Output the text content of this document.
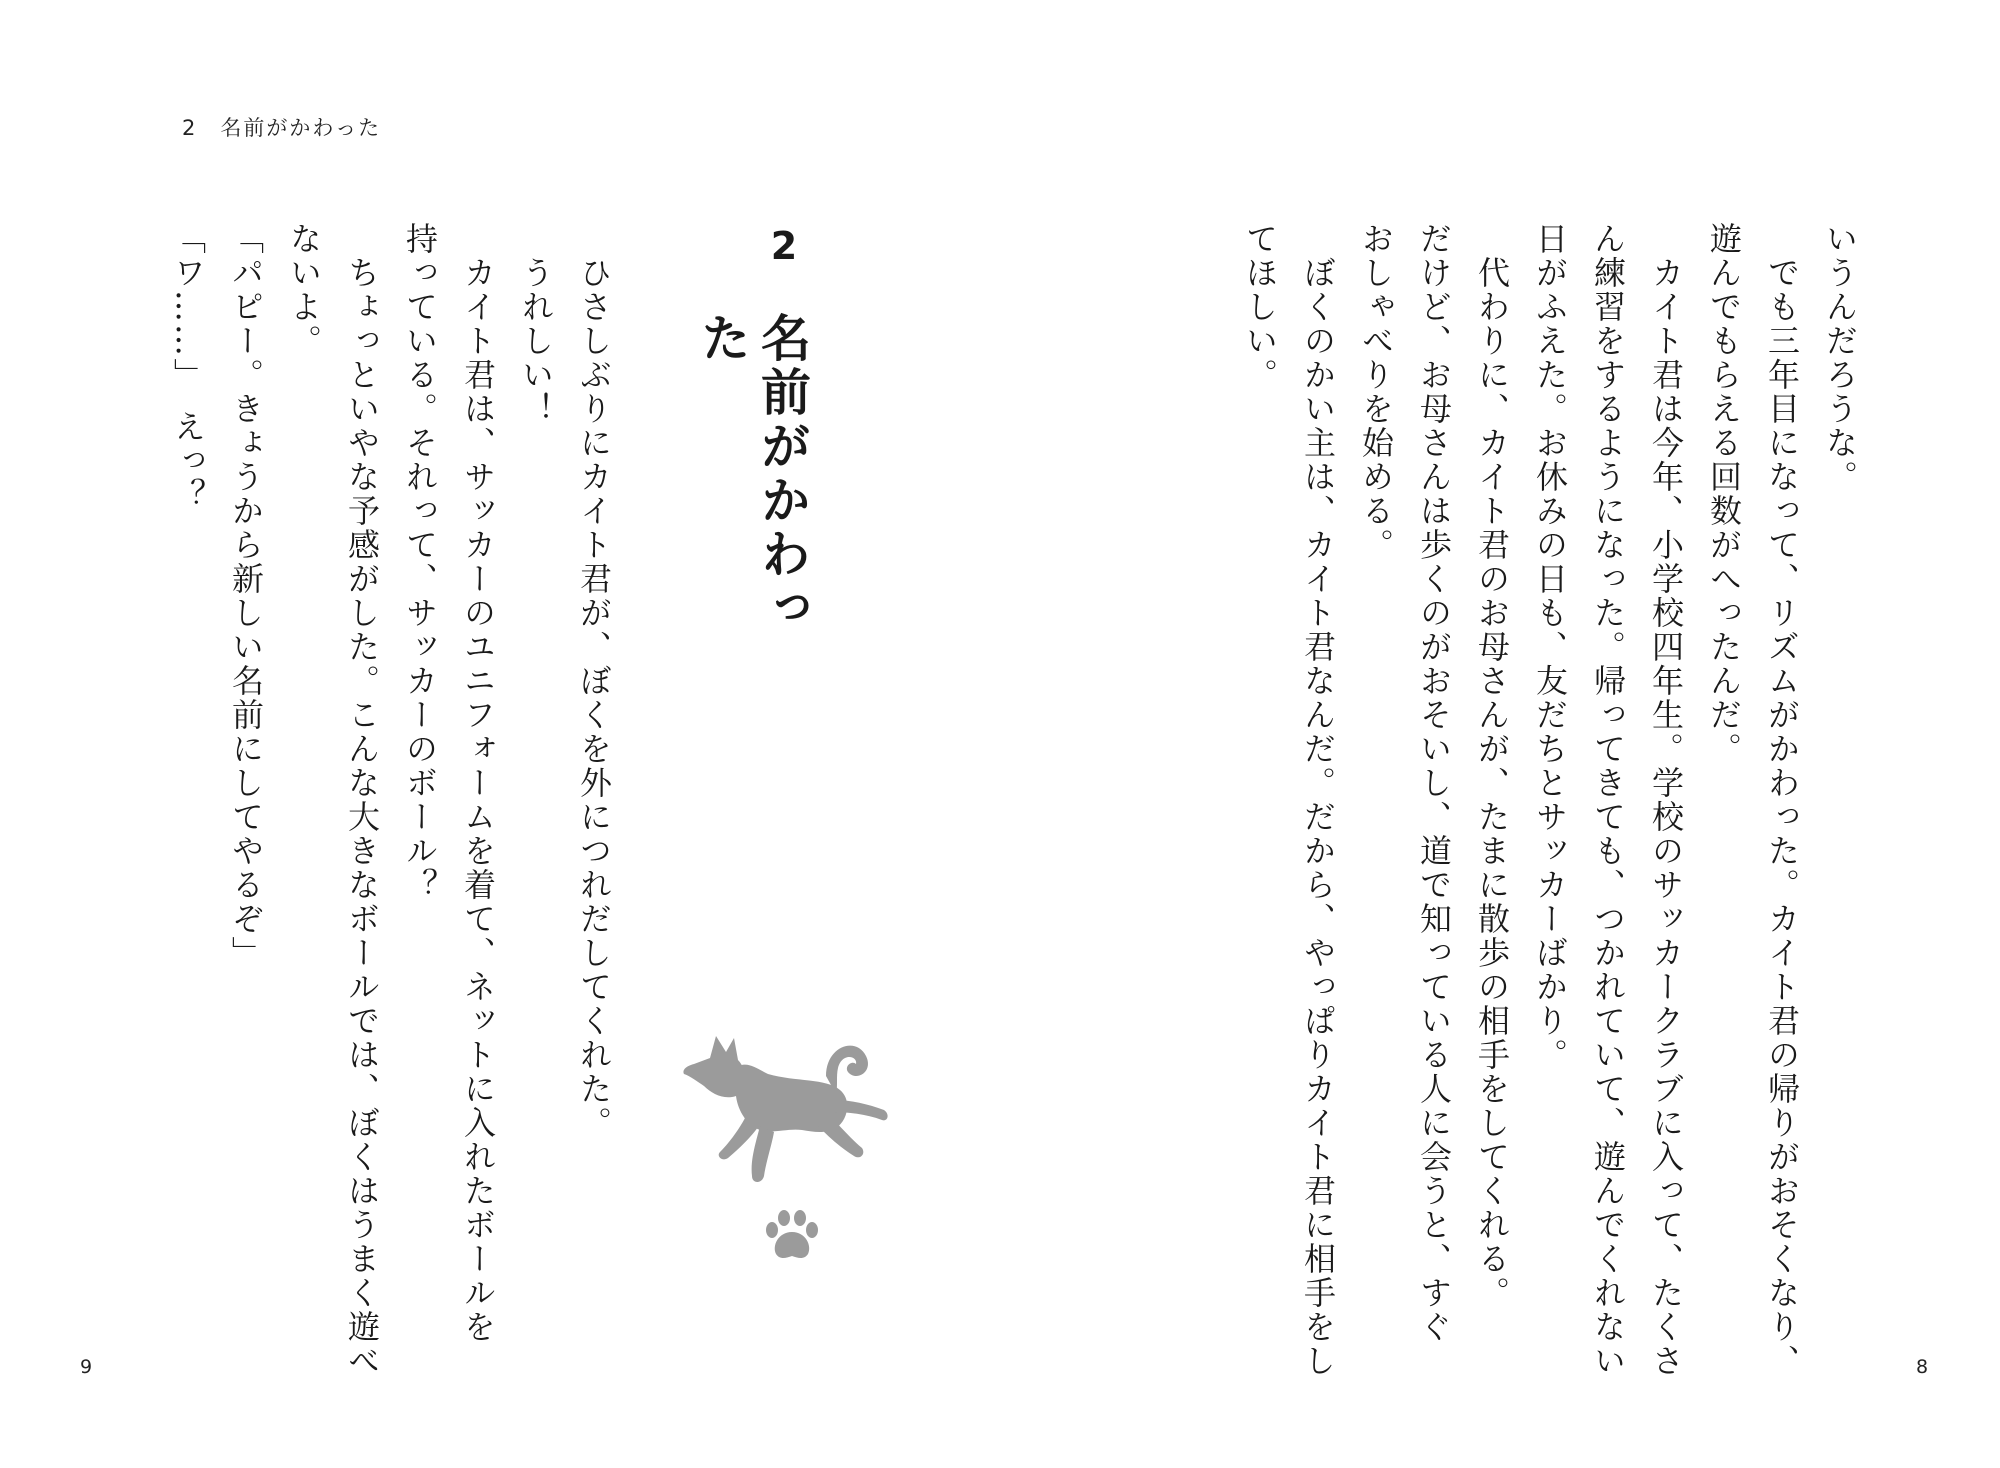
2　名前がかわった
いうんだろうな。
　でも三年目になって、リズムがかわった。カイト君の帰りがおそくなり、
遊んでもらえる回数がへったんだ。
　カイト君は今年、小学校四年生。学校のサッカークラブに入って、たくさ
ん練習をするようになった。帰ってきても、つかれていて、遊んでくれない
日がふえた。お休みの日も、友だちとサッカーばかり。
　代わりに、カイト君のお母さんが、たまに散歩の相手をしてくれる。
だけど、お母さんは歩くのがおそいし、道で知っている人に会うと、すぐ
おしゃべりを始める。
　ぼくのかい主は、カイト君なんだ。だから、やっぱりカイト君に相手をし
てほしい。
2
名前がかわった
　ひさしぶりにカイト君が、ぼくを外につれだしてくれた。
　うれしい！
　カイト君は、サッカーのユニフォームを着て、ネットに入れたボールを
持っている。それって、サッカーのボール？
　ちょっといやな予感がした。こんな大きなボールでは、ぼくはうまく遊べ
ないよ。
「パピー。きょうから新しい名前にしてやるぞ」
「ワ……」　えっ？
9	8
